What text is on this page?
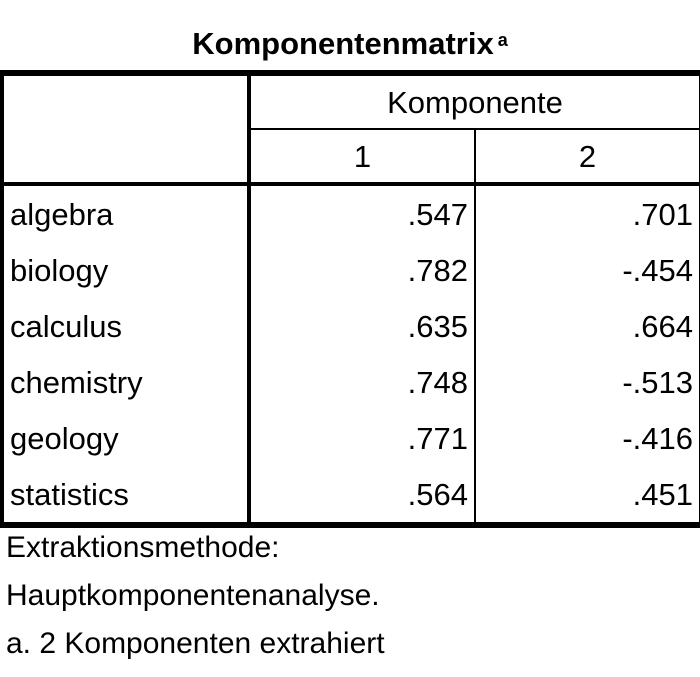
Komponentenmatrix $^a$
	Komponente	
	1	2
algebra	.547	.701
biology	.782	-.454
calculus	.635	.664
chemistry	.748	-.513
geology	.771	-.416
statistics	.564	.451
Extraktionsmethode:
Hauptkomponentenanalyse.
a. 2 Komponenten extrahiert
